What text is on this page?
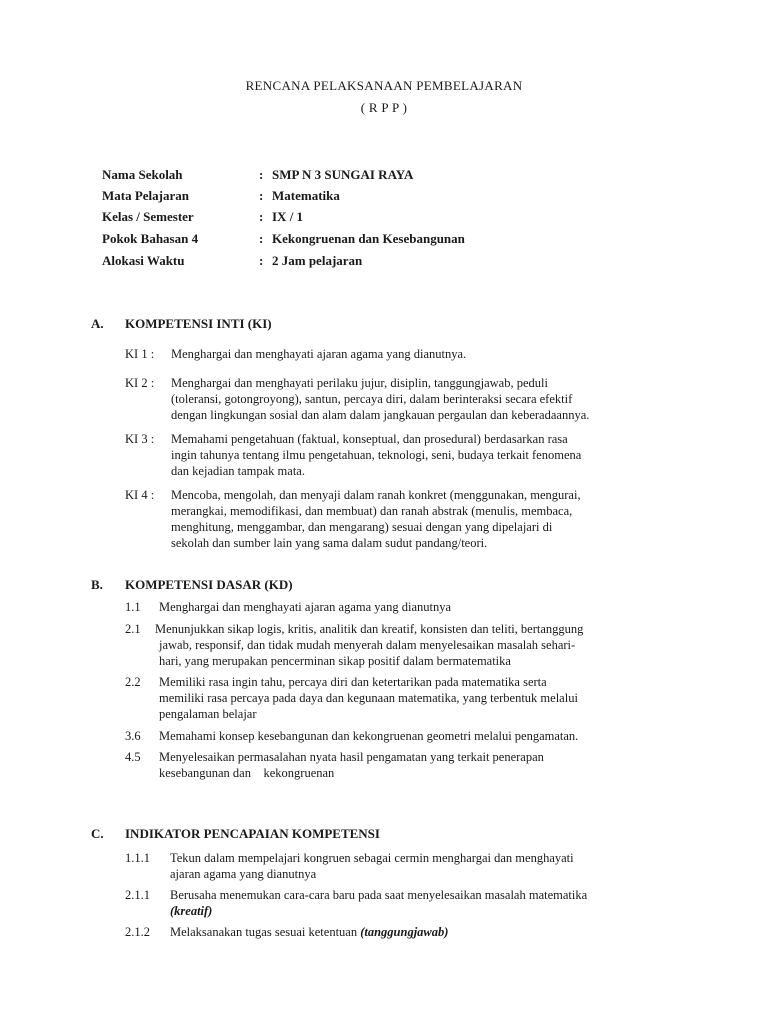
RENCANA PELAKSANAAN PEMBELAJARAN
( R P P )
Nama Sekolah	: SMP N 3 SUNGAI RAYA
Mata Pelajaran	: Matematika
Kelas / Semester	: IX / 1
Pokok Bahasan 4	: Kekongruenan dan Kesebangunan
Alokasi Waktu	: 2 Jam pelajaran
A. KOMPETENSI INTI (KI)
KI 1 : Menghargai dan menghayati ajaran agama yang dianutnya.
KI 2 : Menghargai dan menghayati perilaku jujur, disiplin, tanggungjawab, peduli
(toleransi, gotongroyong), santun, percaya diri, dalam berinteraksi secara efektif
dengan lingkungan sosial dan alam dalam jangkauan pergaulan dan keberadaannya.
KI 3 : Memahami pengetahuan (faktual, konseptual, dan prosedural) berdasarkan rasa
ingin tahunya tentang ilmu pengetahuan, teknologi, seni, budaya terkait fenomena
dan kejadian tampak mata.
KI 4 : Mencoba, mengolah, dan menyaji dalam ranah konkret (menggunakan, mengurai,
merangkai, memodifikasi, dan membuat) dan ranah abstrak (menulis, membaca,
menghitung, menggambar, dan mengarang) sesuai dengan yang dipelajari di
sekolah dan sumber lain yang sama dalam sudut pandang/teori.
B. KOMPETENSI DASAR (KD)
1.1 Menghargai dan menghayati ajaran agama yang dianutnya
2.1 Menunjukkan sikap logis, kritis, analitik dan kreatif, konsisten dan teliti, bertanggung
jawab, responsif, dan tidak mudah menyerah dalam menyelesaikan masalah sehari-
hari, yang merupakan pencerminan sikap positif dalam bermatematika
2.2 Memiliki rasa ingin tahu, percaya diri dan ketertarikan pada matematika serta
memiliki rasa percaya pada daya dan kegunaan matematika, yang terbentuk melalui
pengalaman belajar
3.6 Memahami konsep kesebangunan dan kekongruenan geometri melalui pengamatan.
4.5 Menyelesaikan permasalahan nyata hasil pengamatan yang terkait penerapan
kesebangunan dan    kekongruenan
C. INDIKATOR PENCAPAIAN KOMPETENSI
1.1.1 Tekun dalam mempelajari kongruen sebagai cermin menghargai dan menghayati
ajaran agama yang dianutnya
2.1.1 Berusaha menemukan cara-cara baru pada saat menyelesaikan masalah matematika
(kreatif)
2.1.2 Melaksanakan tugas sesuai ketentuan (tanggungjawab)
